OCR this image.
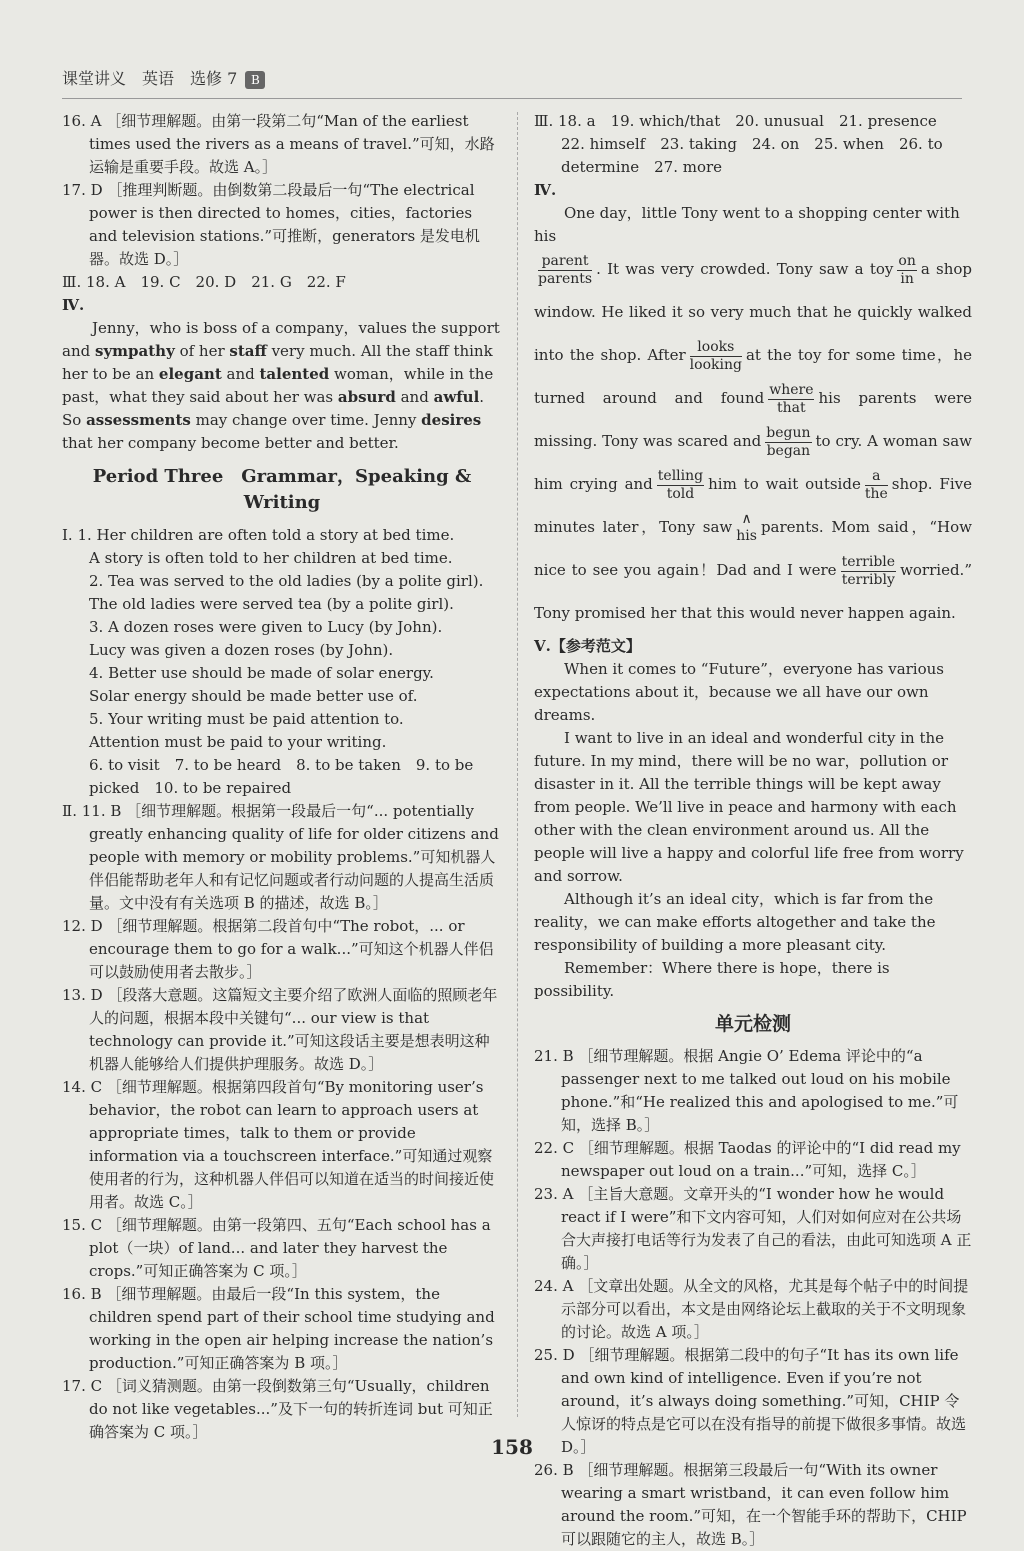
课堂讲义　英语　选修 7 B

16. A ［细节理解题。由第一段第二句“Man of the earliest times used the rivers as a means of travel.”可知，水路运输是重要手段。故选 A。］

17. D ［推理判断题。由倒数第二段最后一句“The electrical power is then directed to homes，cities，factories and television stations.”可推断，generators 是发电机器。故选 D。］

Ⅲ. 18. A　19. C　20. D　21. G　22. F

Ⅳ.

Jenny，who is boss of a company，values the support and sympathy of her staff very much. All the staff think her to be an elegant and talented woman，while in the past，what they said about her was absurd and awful. So assessments may change over time. Jenny desires that her company become better and better.

Period Three　Grammar，Speaking & Writing

Ⅰ. 1. Her children are often told a story at bed time.

A story is often told to her children at bed time.

2. Tea was served to the old ladies (by a polite girl).

The old ladies were served tea (by a polite girl).

3. A dozen roses were given to Lucy (by John).

Lucy was given a dozen roses (by John).

4. Better use should be made of solar energy.

Solar energy should be made better use of.

5. Your writing must be paid attention to.

Attention must be paid to your writing.

6. to visit　7. to be heard　8. to be taken　9. to be picked　10. to be repaired

Ⅱ. 11. B ［细节理解题。根据第一段最后一句“... potentially greatly enhancing quality of life for older citizens and people with memory or mobility problems.”可知机器人伴侣能帮助老年人和有记忆问题或者行动问题的人提高生活质量。文中没有有关选项 B 的描述，故选 B。］

12. D ［细节理解题。根据第二段首句中“The robot，... or encourage them to go for a walk...”可知这个机器人伴侣可以鼓励使用者去散步。］

13. D ［段落大意题。这篇短文主要介绍了欧洲人面临的照顾老年人的问题，根据本段中关键句“... our view is that technology can provide it.”可知这段话主要是想表明这种机器人能够给人们提供护理服务。故选 D。］

14. C ［细节理解题。根据第四段首句“By monitoring user’s behavior，the robot can learn to approach users at appropriate times，talk to them or provide information via a touchscreen interface.”可知通过观察使用者的行为，这种机器人伴侣可以知道在适当的时间接近使用者。故选 C。］

15. C ［细节理解题。由第一段第四、五句“Each school has a plot（一块）of land... and later they harvest the crops.”可知正确答案为 C 项。］

16. B ［细节理解题。由最后一段“In this system，the children spend part of their school time studying and working in the open air helping increase the nation’s production.”可知正确答案为 B 项。］

17. C ［词义猜测题。由第一段倒数第三句“Usually，children do not like vegetables...”及下一句的转折连词 but 可知正确答案为 C 项。］

Ⅲ. 18. a　19. which/that　20. unusual　21. presence

22. himself　23. taking　24. on　25. when　26. to determine　27. more

Ⅳ.

One day，little Tony went to a shopping center with his

$\frac{\text{parent}}{\text{parents}}$ . It was very crowded. Tony saw a toy $\frac{on}{in}$ a shop window. He liked it so very much that he quickly walked into the shop. After $\frac{\text{looks}}{\text{looking}}$ at the toy for some time，he turned around and found $\frac{\text{where}}{\text{that}}$ his parents were missing. Tony was scared and $\frac{\text{begun}}{\text{began}}$ to cry. A woman saw him crying and $\frac{\text{telling}}{\text{told}}$ him to wait outside $\frac{a}{\text{the}}$ shop. Five minutes later，Tony saw ∧
his parents. Mom said，“How nice to see you again！Dad and I were $\frac{\text{terrible}}{\text{terribly}}$ worried.” Tony promised her that this would never happen again.

Ⅴ.【参考范文】

When it comes to “Future”，everyone has various expectations about it，because we all have our own dreams.

I want to live in an ideal and wonderful city in the future. In my mind，there will be no war，pollution or disaster in it. All the terrible things will be kept away from people. We’ll live in peace and harmony with each other with the clean environment around us. All the people will live a happy and colorful life free from worry and sorrow.

Although it’s an ideal city，which is far from the reality，we can make efforts altogether and take the responsibility of building a more pleasant city.

Remember：Where there is hope，there is possibility.

单元检测

21. B ［细节理解题。根据 Angie O’ Edema 评论中的“a passenger next to me talked out loud on his mobile phone.”和“He realized this and apologised to me.”可知，选择 B。］

22. C ［细节理解题。根据 Taodas 的评论中的“I did read my newspaper out loud on a train...”可知，选择 C。］

23. A ［主旨大意题。文章开头的“I wonder how he would react if I were”和下文内容可知，人们对如何应对在公共场合大声接打电话等行为发表了自己的看法，由此可知选项 A 正确。］

24. A ［文章出处题。从全文的风格，尤其是每个帖子中的时间提示部分可以看出，本文是由网络论坛上截取的关于不文明现象的讨论。故选 A 项。］

25. D ［细节理解题。根据第二段中的句子“It has its own life and own kind of intelligence. Even if you’re not around，it’s always doing something.”可知，CHIP 令人惊讶的特点是它可以在没有指导的前提下做很多事情。故选 D。］

26. B ［细节理解题。根据第三段最后一句“With its owner wearing a smart wristband，it can even follow him around the room.”可知，在一个智能手环的帮助下，CHIP 可以跟随它的主人，故选 B。］

158
